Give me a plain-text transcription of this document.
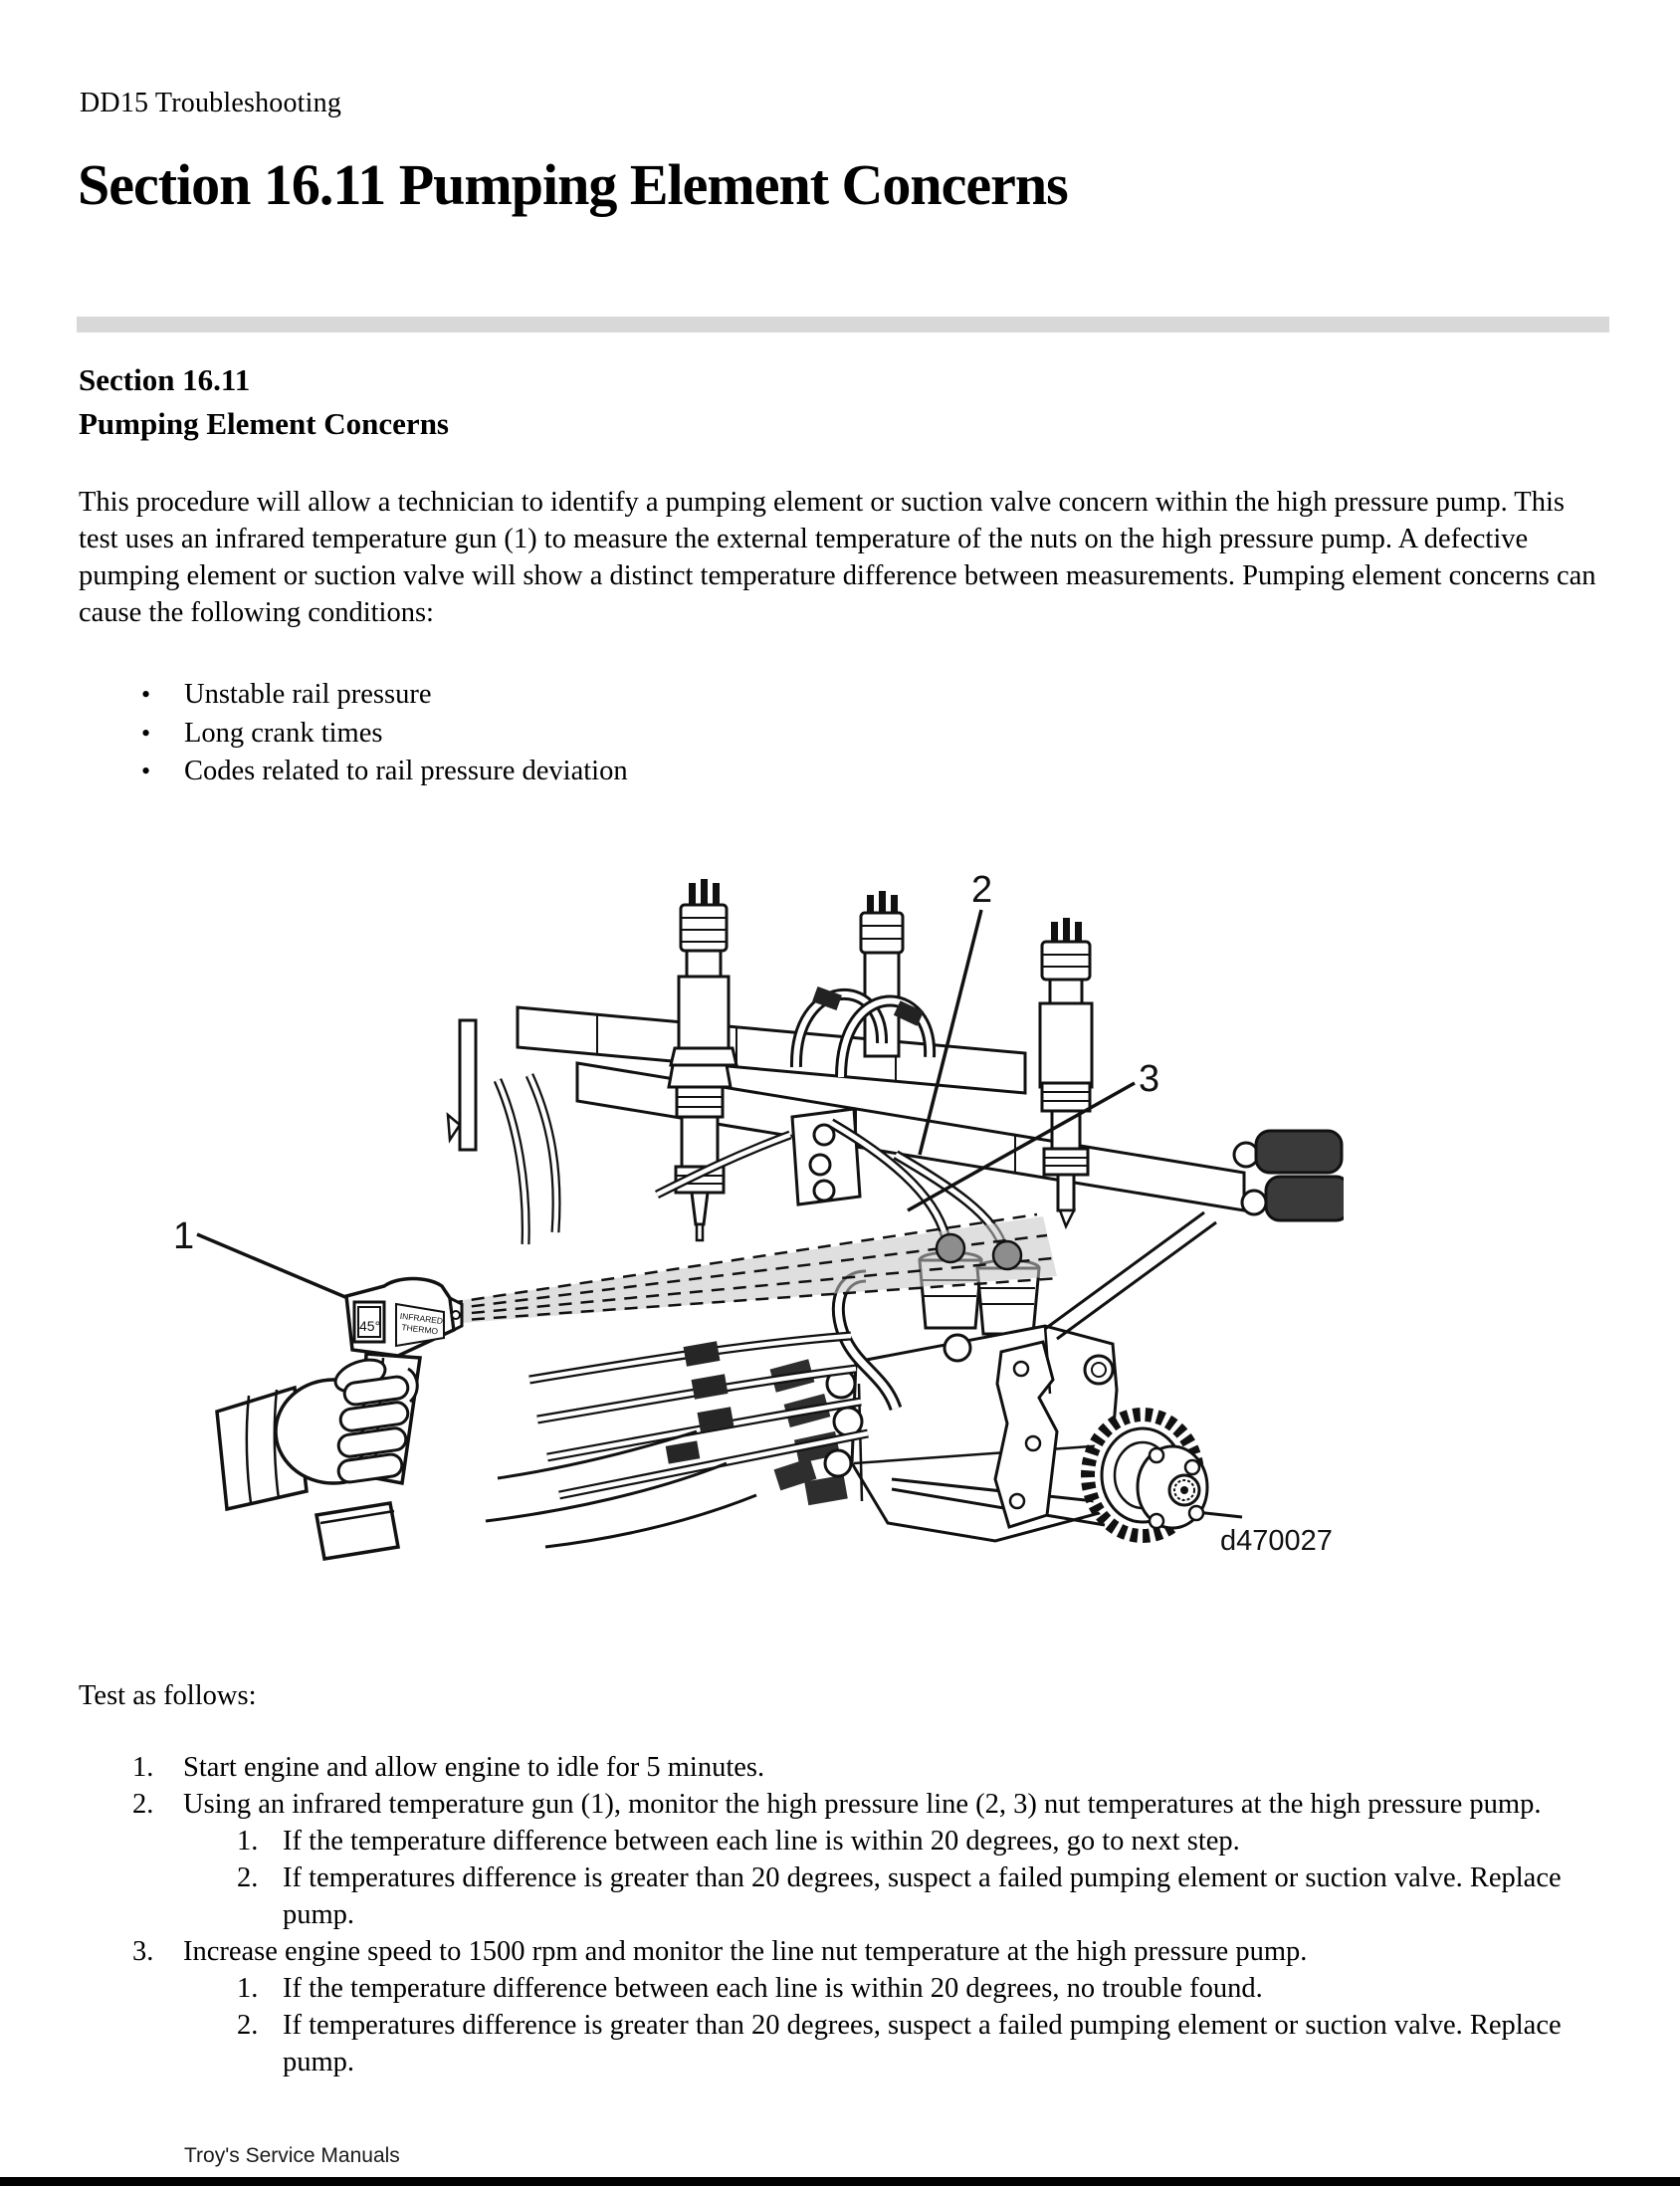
DD15 Troubleshooting
Section 16.11 Pumping Element Concerns
Section 16.11
Pumping Element Concerns
This procedure will allow a technician to identify a pumping element or suction valve concern within the high pressure pump. This test uses an infrared temperature gun (1) to measure the external temperature of the nuts on the high pressure pump. A defective pumping element or suction valve will show a distinct temperature difference between measurements. Pumping element concerns can cause the following conditions:
•	Unstable rail pressure
•	Long crank times
•	Codes related to rail pressure deviation
45° INFRARED
THERMO
1
2
3
d470027
Test as follows:
1.	Start engine and allow engine to idle for 5 minutes.
2.	Using an infrared temperature gun (1), monitor the high pressure line (2, 3) nut temperatures at the high pressure pump.
1. If the temperature difference between each line is within 20 degrees, go to next step.
2. If temperatures difference is greater than 20 degrees, suspect a failed pumping element or suction valve. Replace pump.
3.	Increase engine speed to 1500 rpm and monitor the line nut temperature at the high pressure pump.
1. If the temperature difference between each line is within 20 degrees, no trouble found.
2. If temperatures difference is greater than 20 degrees, suspect a failed pumping element or suction valve. Replace pump.
Troy's Service Manuals
